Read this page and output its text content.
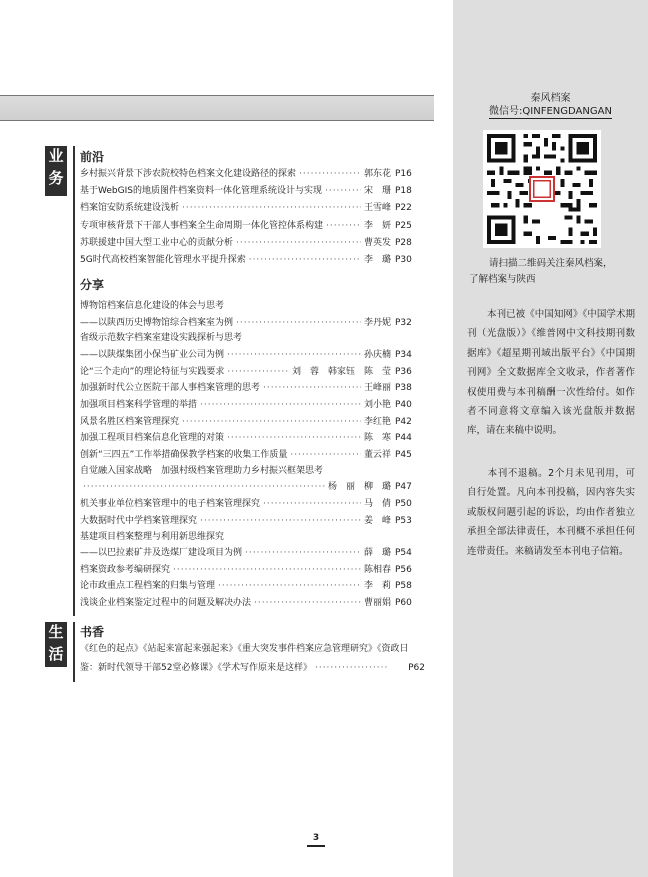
秦风档案
微信号:QINFENGDANGAN
请扫描二维码关注秦风档案，
了解档案与陕西
本刊已被《中国知网》《中国学术期刊（光盘版）》《维普网中文科技期刊数据库》《超星期刊域出版平台》《中国期刊网》全文数据库全文收录，作者著作权使用费与本刊稿酬一次性给付。如作者不同意将文章编入该光盘版并数据库，请在来稿中说明。
本刊不退稿。2个月未见刊用，可自行处置。凡向本刊投稿，因内容失实或版权问题引起的诉讼，均由作者独立承担全部法律责任，本刊概不承担任何连带责任。来稿请发至本刊电子信箱。
业
务
生
活
前沿
乡村振兴背景下涉农院校特色档案文化建设路径的探索 ·····	郭东花 P16
基于WebGIS的地质图件档案资料一体化管理系统设计与实现 ·····	宋　珊 P18
档案馆安防系统建设浅析 ·····	王雪峰 P22
专项审核背景下干部人事档案全生命周期一体化管控体系构建 ·····	李　妍 P25
苏联援建中国大型工业中心的贡献分析 ·····	曹英发 P28
5G时代高校档案智能化管理水平提升探索 ·····	李　璐 P30
分享
博物馆档案信息化建设的体会与思考
——以陕西历史博物馆综合档案室为例 ·····	李丹妮 P32
省级示范数字档案室建设实践探析与思考
——以陕煤集团小保当矿业公司为例 ·····	孙庆楠 P34
论“三个走向”的理论特征与实践要求 ·····	刘　蓉　韩家钰　陈　莹 P36
加强新时代公立医院干部人事档案管理的思考 ·····	王峰丽 P38
加强项目档案科学管理的举措 ·····	刘小艳 P40
风景名胜区档案管理探究 ·····	李红艳 P42
加强工程项目档案信息化管理的对策 ·····	陈　寒 P44
创新“三四五”工作举措确保教学档案的收集工作质量 ·····	董云祥 P45
自觉融入国家战略　加强村级档案管理助力乡村振兴框架思考
·····
杨　丽　柳　璐 P47
机关事业单位档案管理中的电子档案管理探究 ·····	马　倩 P50
大数据时代中学档案管理探究 ·····	姜　峰 P53
基建项目档案整理与利用新思维探究
——以巴拉素矿井及选煤厂建设项目为例 ·····	薛　璐 P54
档案资政参考编研探究 ·····	陈相春 P56
论市政重点工程档案的归集与管理 ·····	李　莉 P58
浅谈企业档案鉴定过程中的问题及解决办法 ·····	曹丽娟 P60
书香
《红色的起点》《站起来富起来强起来》《重大突发事件档案应急管理研究》《资政日
鉴：新时代领导干部52堂必修课》《学术写作原来是这样》 ·····	P62
3
